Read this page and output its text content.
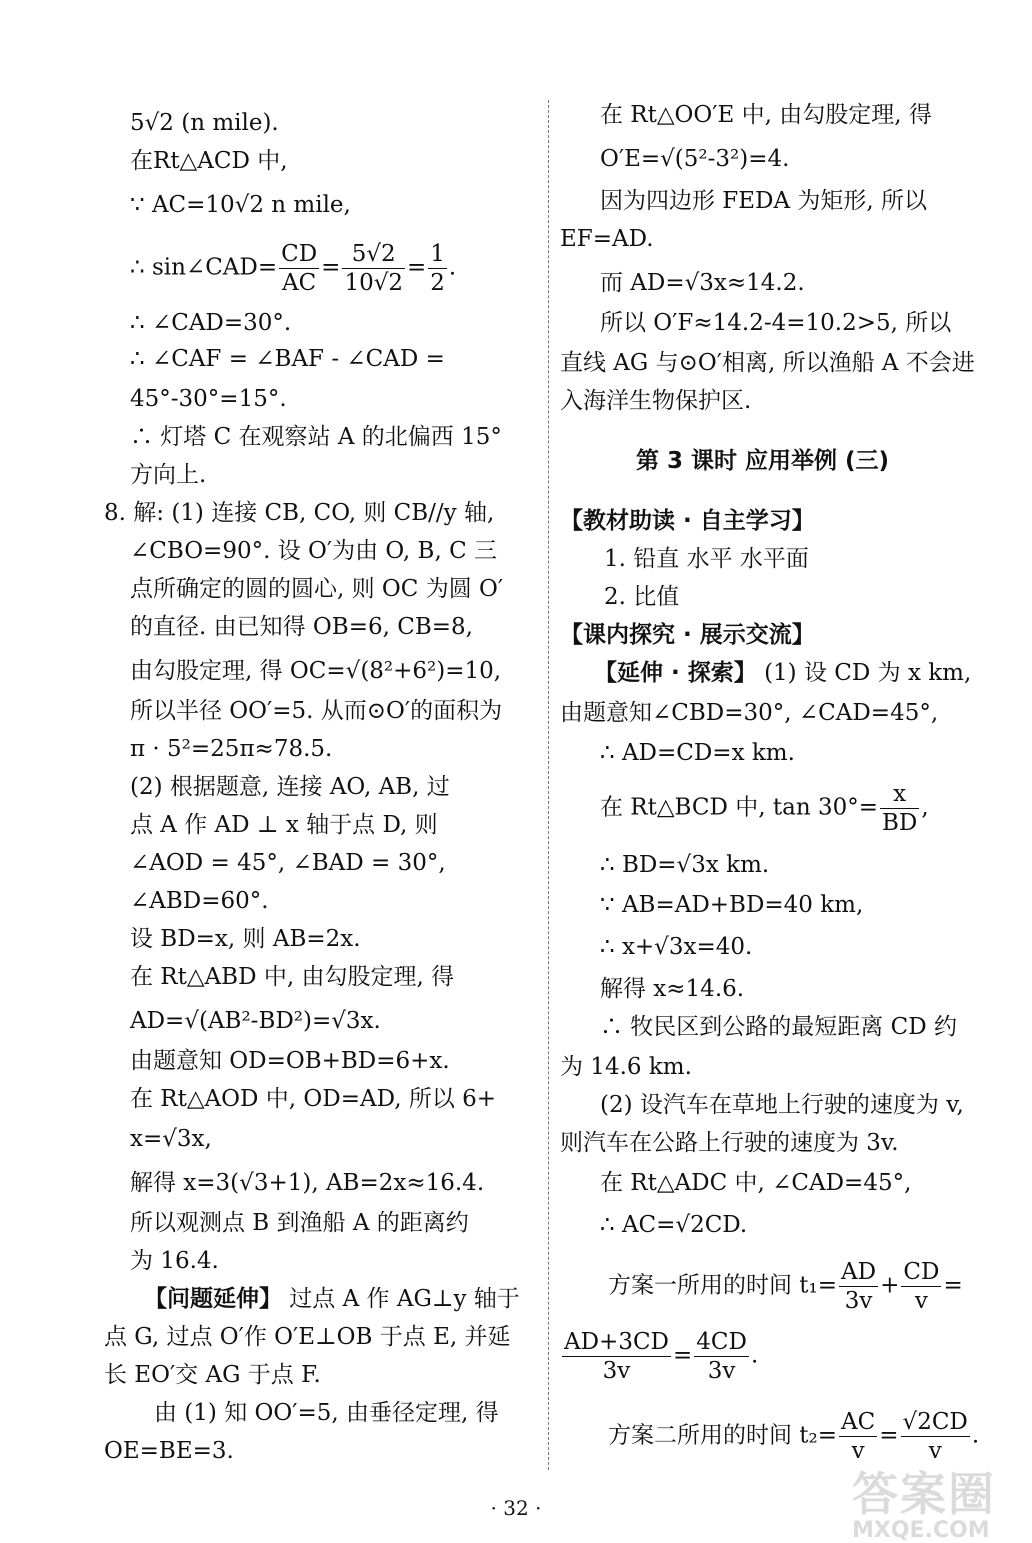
5√2 (n mile).
在Rt△ACD 中,
∵ AC=10√2 n mile,
∴ sin∠CAD= $\frac{CD}{AC} = \frac{5√2}{10√2} = \frac{1}{2}$ .
∴ ∠CAD=30°.
∴ ∠CAF = ∠BAF - ∠CAD =
45°-30°=15°.
∴ 灯塔 C 在观察站 A 的北偏西 15°
方向上.
8. 解: (1) 连接 CB, CO, 则 CB//y 轴,
∠CBO=90°. 设 O′为由 O, B, C 三
点所确定的圆的圆心, 则 OC 为圆 O′
的直径. 由已知得 OB=6, CB=8,
由勾股定理, 得 OC=√(8²+6²)=10,
所以半径 OO′=5. 从而⊙O′的面积为
π · 5²=25π≈78.5.
(2) 根据题意, 连接 AO, AB, 过
点 A 作 AD ⊥ x 轴于点 D, 则
∠AOD = 45°, ∠BAD = 30°,
∠ABD=60°.
设 BD=x, 则 AB=2x.
在 Rt△ABD 中, 由勾股定理, 得
AD=√(AB²-BD²)=√3x.
由题意知 OD=OB+BD=6+x.
在 Rt△AOD 中, OD=AD, 所以 6+
x=√3x,
解得 x=3(√3+1), AB=2x≈16.4.
所以观测点 B 到渔船 A 的距离约
为 16.4.
【问题延伸】 过点 A 作 AG⊥y 轴于
点 G, 过点 O′作 O′E⊥OB 于点 E, 并延
长 EO′交 AG 于点 F.
由 (1) 知 OO′=5, 由垂径定理, 得
OE=BE=3.
在 Rt△OO′E 中, 由勾股定理, 得
O′E=√(5²-3²)=4.
因为四边形 FEDA 为矩形, 所以
EF=AD.
而 AD=√3x≈14.2.
所以 O′F≈14.2-4=10.2>5, 所以
直线 AG 与⊙O′相离, 所以渔船 A 不会进
入海洋生物保护区.
第 3 课时 应用举例 (三)
【教材助读 · 自主学习】
1. 铅直 水平 水平面
2. 比值
【课内探究 · 展示交流】
【延伸 · 探索】 (1) 设 CD 为 x km,
由题意知∠CBD=30°, ∠CAD=45°,
∴ AD=CD=x km.
在 Rt△BCD 中, $\tan 30^\circ= \frac{x}{BD}$ ,
∴ BD=√3x km.
∵ AB=AD+BD=40 km,
∴ x+√3x=40.
解得 x≈14.6.
∴ 牧民区到公路的最短距离 CD 约
为 14.6 km.
(2) 设汽车在草地上行驶的速度为 v,
则汽车在公路上行驶的速度为 3v.
在 Rt△ADC 中, ∠CAD=45°,
∴ AC=√2CD.
方案一所用的时间 $t_1= \frac{AD}{3v} + \frac{CD}{v}$ =
$\frac{AD+3CD}{3v} = \frac{4CD}{3v}$ .
方案二所用的时间 $t_2= \frac{AC}{v} = \frac{√2CD}{v}$ .
· 32 ·	答案圈
MXQE.COM
